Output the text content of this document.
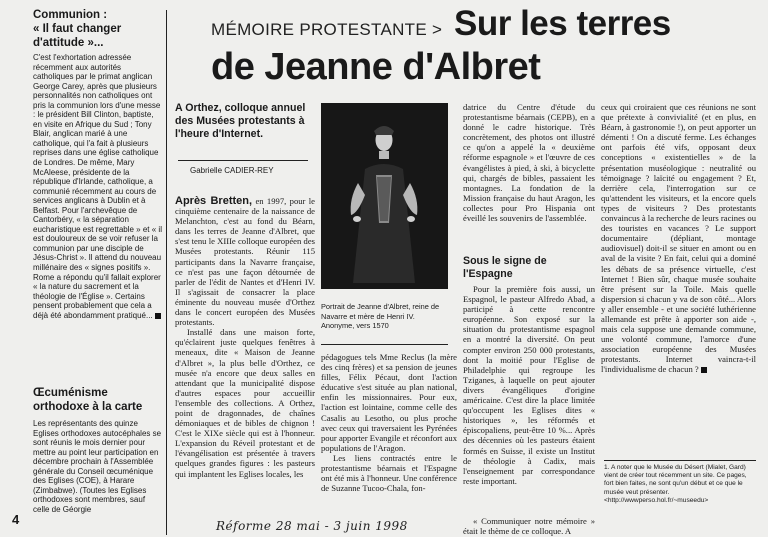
Communion :
« Il faut changer d'attitude »...
C'est l'exhortation adressée récemment aux autorités catholiques par le primat anglican George Carey, après que plusieurs personnalités non catholiques ont pris la communion lors d'une messe : le président Bill Clinton, baptiste, en visite en Afrique du Sud ; Tony Blair, anglican marié à une catholique, qui l'a fait à plusieurs reprises dans une église catholique de Londres. De même, Mary McAleese, présidente de la république d'Irlande, catholique, a communié récemment au cours de services anglicans à Dublin et à Belfast. Pour l'archevêque de Cantorbéry, « la séparation eucharistique est regrettable » et « il est douloureux de se voir refuser la communion par une disciple de Jésus-Christ ». Il attend du nouveau millénaire des « signes positifs ». Rome a répondu qu'il fallait explorer « la nature du sacrement et la théologie de l'Église ». Certains pensent probablement que cela a déjà été abondamment pratiqué...
Œcuménisme orthodoxe à la carte
Les représentants des quinze Eglises orthodoxes autocéphales se sont réunis le mois dernier pour mettre au point leur participation en décembre prochain à l'Assemblée générale du Conseil œcuménique des Eglises (COE), à Harare (Zimbabwe). (Toutes les Eglises orthodoxes sont membres, sauf celle de Géorgie
4
MÉMOIRE PROTESTANTE > Sur les terres
de Jeanne d'Albret
A Orthez, colloque annuel des Musées protestants à l'heure d'Internet.
Gabrielle CADIER-REY

Après Bretten, en 1997, pour le cinquième centenaire de la naissance de Melanchton, c'est au fond du Béarn, dans les terres de Jeanne d'Albret, que s'est tenu le XIIIe colloque européen des Musées protestants. Réunir 115 participants dans la Navarre française, ce n'est pas une façon détournée de parler de l'édit de Nantes et d'Henri IV. Il s'agissait de consacrer la place éminente du nouveau musée d'Orthez dans le concert européen des Musées protestants.

Installé dans une maison forte, qu'éclairent juste quelques fenêtres à meneaux, dite « Maison de Jeanne d'Albret », la plus belle d'Orthez, ce musée n'a encore que deux salles en attendant que la municipalité dispose d'autres espaces pour accueillir l'ensemble des collections. A Orthez, point de dragonnades, de chaînes démoniaques et de bibles de chignon ! C'est le XIXe siècle qui est à l'honneur. L'expansion du Réveil protestant et de l'évangélisation est présentée à travers quelques grandes figures : les pasteurs qui implantent les Eglises locales, les

Portrait de Jeanne d'Albret, reine de Navarre et mère de Henri IV. Anonyme, vers 1570

pédagogues tels Mme Reclus (la mère des cinq frères) et sa pension de jeunes filles, Félix Pécaut, dont l'action éducative s'est située au plan national, enfin les missionnaires. Pour eux, l'action est lointaine, comme celle des Casalis au Lesotho, ou plus proche avec ceux qui traversaient les Pyrénées pour apporter Evangile et réconfort aux populations de l'Aragon.

Les liens contractés entre le protestantisme béarnais et l'Espagne ont été mis à l'honneur. Une conférence de Suzanne Tucoo-Chala, fon-

datrice du Centre d'étude du protestantisme béarnais (CEPB), en a donné le cadre historique. Très concrètement, des photos ont illustré ce qu'on a appelé la « deuxième réforme espagnole » et l'œuvre de ces évangélistes à pied, à ski, à bicyclette qui, chargés de bibles, passaient les montagnes. La fondation de la Mission française du haut Aragon, les collectes pour Pro Hispania ont éveillé les souvenirs de l'assemblée.
Sous le signe de l'Espagne

Pour la première fois aussi, un Espagnol, le pasteur Alfredo Abad, a participé à cette rencontre européenne. Son exposé sur la situation du protestantisme espagnol en a montré la diversité. On peut compter environ 250 000 protestants, dont la moitié pour l'Eglise de Philadelphie qui regroupe les Tziganes, à laquelle on peut ajouter divers évangéliques d'origine américaine. C'est dire la place limitée qu'occupent les Eglises dites « historiques », les réformés et épiscopaliens, peut-être 10 %... Après des décennies où les pasteurs étaient formés en Suisse, il existe un Institut de théologie à Cadix, mais l'enseignement par correspondance reste important.

« Communiquer notre mémoire » était le thème de ce colloque. A
ceux qui croiraient que ces réunions ne sont que prétexte à convivialité (et en plus, en Béarn, à gastronomie !), on peut apporter un démenti ! On a discuté ferme. Les échanges ont parfois été vifs, opposant deux conceptions « existentielles » de la présentation muséologique : neutralité ou témoignage ? laïcité ou engagement ? Et, derrière cela, l'interrogation sur ce qu'attendent les visiteurs, et la encore quels types de visiteurs ? Des protestants convaincus à la recherche de leurs racines ou des touristes en vacances ? Le support documentaire (dépliant, montage audiovisuel) doit-il se situer en amont ou en aval de la visite ? En fait, celui qui a dominé les débats de sa présence virtuelle, c'est Internet ! Bien sûr, chaque musée souhaite être présent sur la Toile. Mais quelle dispersion si chacun y va de son côté... Alors y aller ensemble - et une société luthérienne allemande est prête à apporter son aide -, mais cela suppose une demande commune, une volonté commune, l'amorce d'une association européenne des Musées protestants. Internet vaincra-t-il l'individualisme de chacun ?
1. A noter que le Musée du Désert (Mialet, Gard) vient de créer tout récemment un site. Ce pages, fort bien faites, ne sont qu'un début et ce que le musée veut présenter. <http://wwwperso.hol.fr/~museedu>
Réforme 28 mai - 3 juin 1998
